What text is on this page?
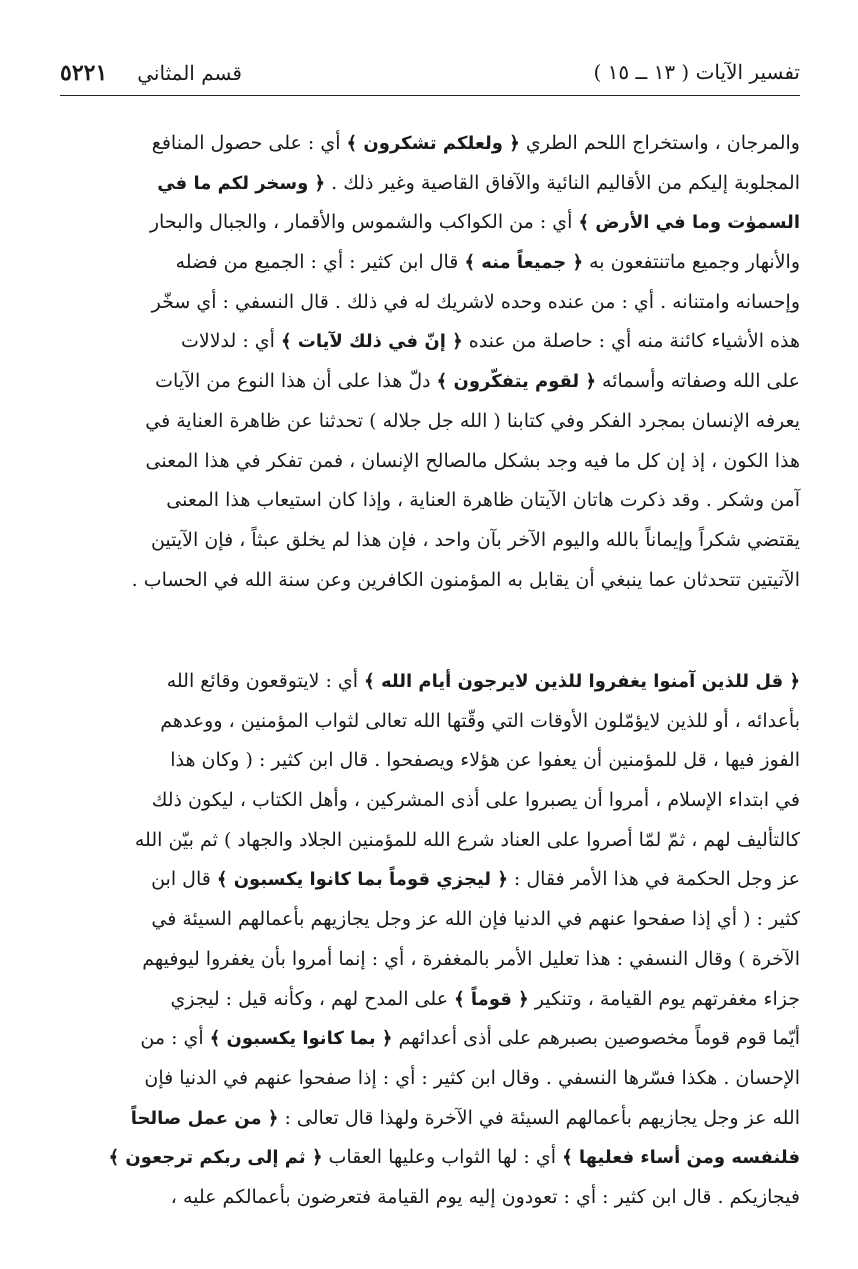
تفسير الآيات ( ١٣ ــ ١٥ )
قسم المثاني٥٢٢١
والمرجان ، واستخراج اللحم الطري ﴿ ولعلكم تشكرون ﴾ أي : على حصول المنافع
المجلوبة إليكم من الأقاليم النائية والآفاق القاصية وغير ذلك . ﴿ وسخر لكم ما في
السموٰت وما في الأرض ﴾ أي : من الكواكب والشموس والأقمار ، والجبال والبحار
والأنهار وجميع ماتنتفعون به ﴿ جميعاً منه ﴾ قال ابن كثير : أي : الجميع من فضله
وإحسانه وامتنانه . أي : من عنده وحده لاشريك له في ذلك . قال النسفي : أي سخّر
هذه الأشياء كائنة منه أي : حاصلة من عنده ﴿ إنّ في ذلك لآيات ﴾ أي : لدلالات
على الله وصفاته وأسمائه ﴿ لقوم يتفكّرون ﴾ دلّ هذا على أن هذا النوع من الآيات
يعرفه الإنسان بمجرد الفكر وفي كتابنا ( الله جل جلاله ) تحدثنا عن ظاهرة العناية في
هذا الكون ، إذ إن كل ما فيه وجد بشكل مالصالح الإنسان ، فمن تفكر في هذا المعنى
آمن وشكر . وقد ذكرت هاتان الآيتان ظاهرة العناية ، وإذا كان استيعاب هذا المعنى
يقتضي شكراً وإيماناً بالله واليوم الآخر بآن واحد ، فإن هذا لم يخلق عبثاً ، فإن الآيتين
الآتيتين تتحدثان عما ينبغي أن يقابل به المؤمنون الكافرين وعن سنة الله في الحساب .
﴿ قل للذين آمنوا يغفروا للذين لايرجون أيام الله ﴾ أي : لايتوقعون وقائع الله
بأعدائه ، أو للذين لايؤمّلون الأوقات التي وقّتها الله تعالى لثواب المؤمنين ، ووعدهم
الفوز فيها ، قل للمؤمنين أن يعفوا عن هؤلاء ويصفحوا . قال ابن كثير : ( وكان هذا
في ابتداء الإسلام ، أمروا أن يصبروا على أذى المشركين ، وأهل الكتاب ، ليكون ذلك
كالتأليف لهم ، ثمّ لمّا أصروا على العناد شرع الله للمؤمنين الجلاد والجهاد ) ثم بيّن الله
عز وجل الحكمة في هذا الأمر فقال : ﴿ ليجزي قوماً بما كانوا يكسبون ﴾ قال ابن
كثير : ( أي إذا صفحوا عنهم في الدنيا فإن الله عز وجل يجازيهم بأعمالهم السيئة في
الآخرة ) وقال النسفي : هذا تعليل الأمر بالمغفرة ، أي : إنما أمروا بأن يغفروا ليوفيهم
جزاء مغفرتهم يوم القيامة ، وتنكير ﴿ قوماً ﴾ على المدح لهم ، وكأنه قيل : ليجزي
أيّما قوم قوماً مخصوصين بصبرهم على أذى أعدائهم ﴿ بما كانوا يكسبون ﴾ أي : من
الإحسان . هكذا فسّرها النسفي . وقال ابن كثير : أي : إذا صفحوا عنهم في الدنيا فإن
الله عز وجل يجازيهم بأعمالهم السيئة في الآخرة ولهذا قال تعالى : ﴿ من عمل صالحاً
فلنفسه ومن أساء فعليها ﴾ أي : لها الثواب وعليها العقاب ﴿ ثم إلى ربكم ترجعون ﴾
فيجازيكم . قال ابن كثير : أي : تعودون إليه يوم القيامة فتعرضون بأعمالكم عليه ،
